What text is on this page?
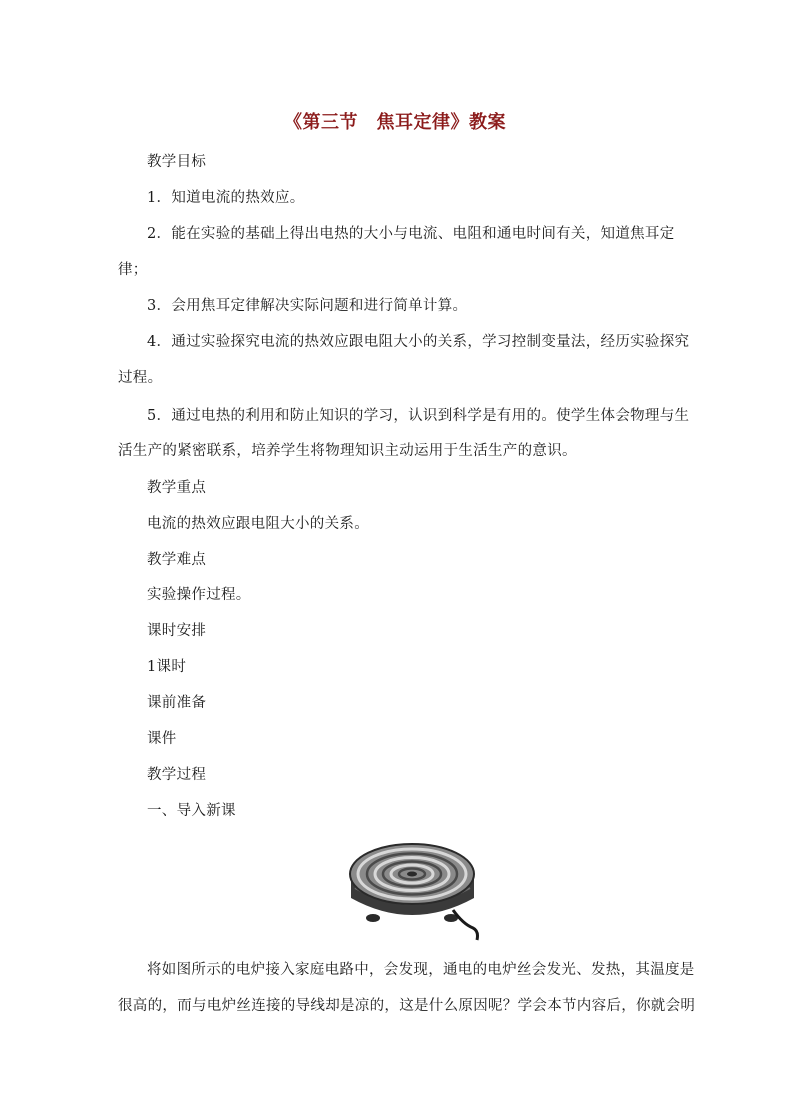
《第三节　焦耳定律》教案
教学目标
1．知道电流的热效应。
2．能在实验的基础上得出电热的大小与电流、电阻和通电时间有关，知道焦耳定
律；
3．会用焦耳定律解决实际问题和进行简单计算。
4．通过实验探究电流的热效应跟电阻大小的关系，学习控制变量法，经历实验探究
过程。
5．通过电热的利用和防止知识的学习，认识到科学是有用的。使学生体会物理与生
活生产的紧密联系，培养学生将物理知识主动运用于生活生产的意识。
教学重点
电流的热效应跟电阻大小的关系。
教学难点
实验操作过程。
课时安排
1课时
课前准备
课件
教学过程
一、导入新课
将如图所示的电炉接入家庭电路中，会发现，通电的电炉丝会发光、发热，其温度是
很高的，而与电炉丝连接的导线却是凉的，这是什么原因呢？学会本节内容后，你就会明
